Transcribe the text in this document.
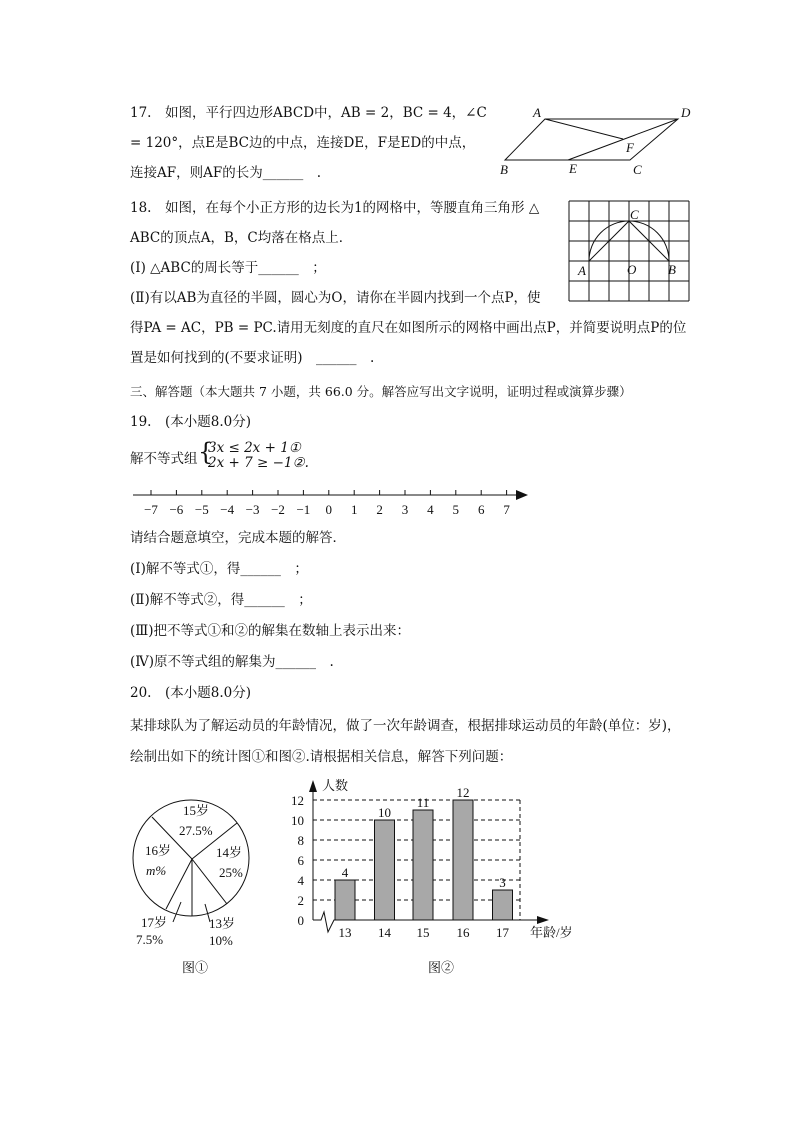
17.　如图，平行四边形ABCD中，AB = 2，BC = 4，∠C
= 120°，点E是BC边的中点，连接DE，F是ED的中点，
连接AF，则AF的长为______　.
A	D
B	E	C
F
A	B
C
O
−7 −6 −5 −4 −3 −2 −1 0 1 2 3 4 5 6 7
15岁
27.5%
14岁
25%
16岁
m%
17岁
7.5%
13岁
10%
图①
0
2
4
6
8
10
12
4
13
10
14
11
15
12
16
3
17
人数
年龄/岁
图②
18.　如图，在每个小正方形的边长为1的网格中，等腰直角三角形 △
ABC的顶点A，B，C均落在格点上．
(Ⅰ) △ABC的周长等于______　；
(Ⅱ)有以AB为直径的半圆，圆心为O，请你在半圆内找到一个点P，使
得PA = AC，PB = PC.请用无刻度的直尺在如图所示的网格中画出点P，并简要说明点P的位
置是如何找到的(不要求证明)　______　.
三、解答题（本大题共 7 小题，共 66.0 分。解答应写出文字说明，证明过程或演算步骤）
19.　(本小题8.0分)
解不等式组 {
3x ≤ 2x + 1①
2x + 7 ≥ −1②.
请结合题意填空，完成本题的解答．
(Ⅰ)解不等式①，得______　；
(Ⅱ)解不等式②，得______　；
(Ⅲ)把不等式①和②的解集在数轴上表示出来：
(Ⅳ)原不等式组的解集为______　.
20.　(本小题8.0分)
某排球队为了解运动员的年龄情况，做了一次年龄调查，根据排球运动员的年龄(单位：岁)，
绘制出如下的统计图①和图②.请根据相关信息，解答下列问题：
